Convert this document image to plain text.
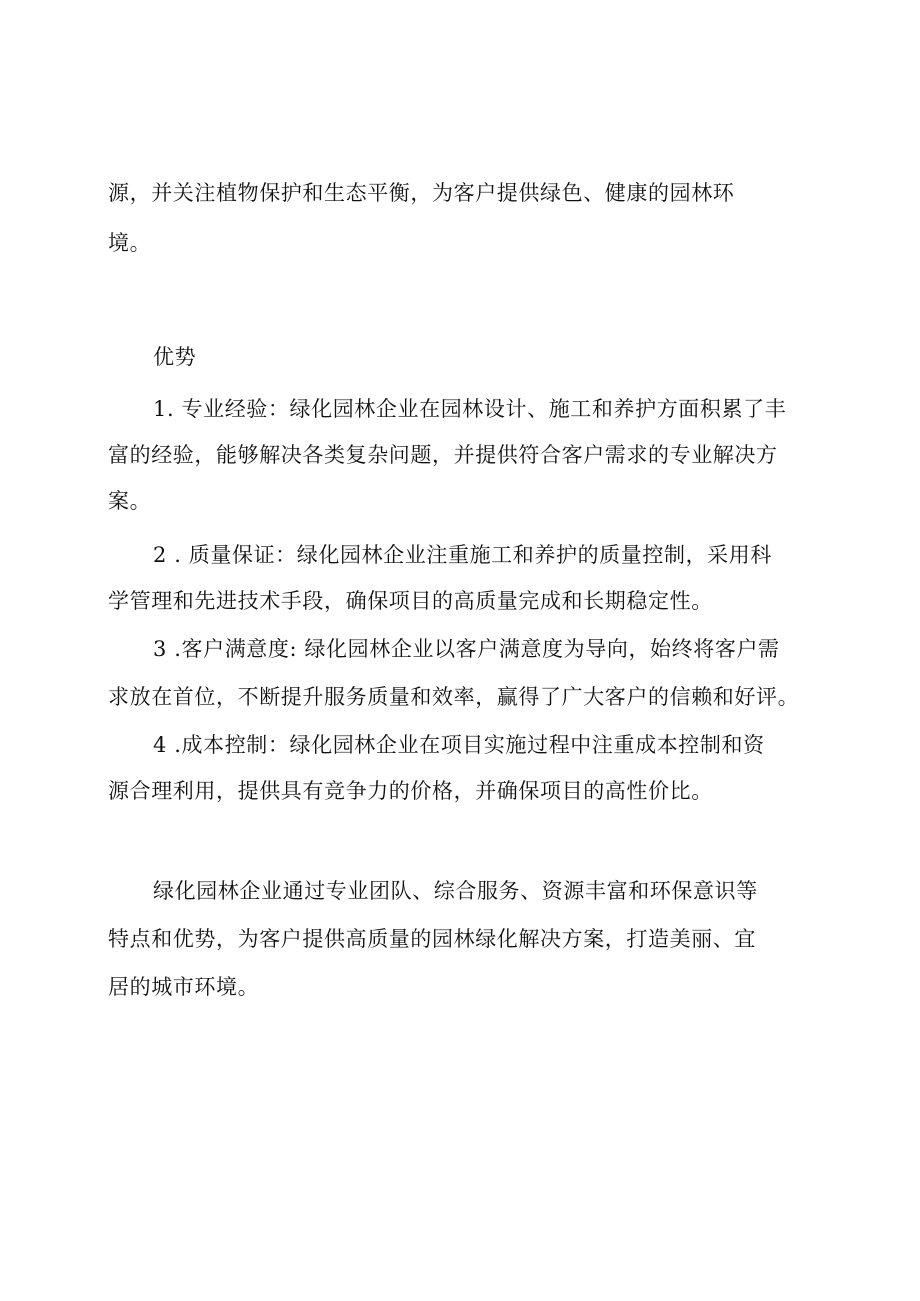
源，并关注植物保护和生态平衡，为客户提供绿色、健康的园林环

境。

优势

1. 专业经验：绿化园林企业在园林设计、施工和养护方面积累了丰

富的经验，能够解决各类复杂问题，并提供符合客户需求的专业解决方

案。

2 . 质量保证：绿化园林企业注重施工和养护的质量控制，采用科

学管理和先进技术手段，确保项目的高质量完成和长期稳定性。

3 .客户满意度: 绿化园林企业以客户满意度为导向，始终将客户需

求放在首位，不断提升服务质量和效率，赢得了广大客户的信赖和好评。

4 .成本控制：绿化园林企业在项目实施过程中注重成本控制和资

源合理利用，提供具有竞争力的价格，并确保项目的高性价比。

绿化园林企业通过专业团队、综合服务、资源丰富和环保意识等

特点和优势，为客户提供高质量的园林绿化解决方案，打造美丽、宜

居的城市环境。
